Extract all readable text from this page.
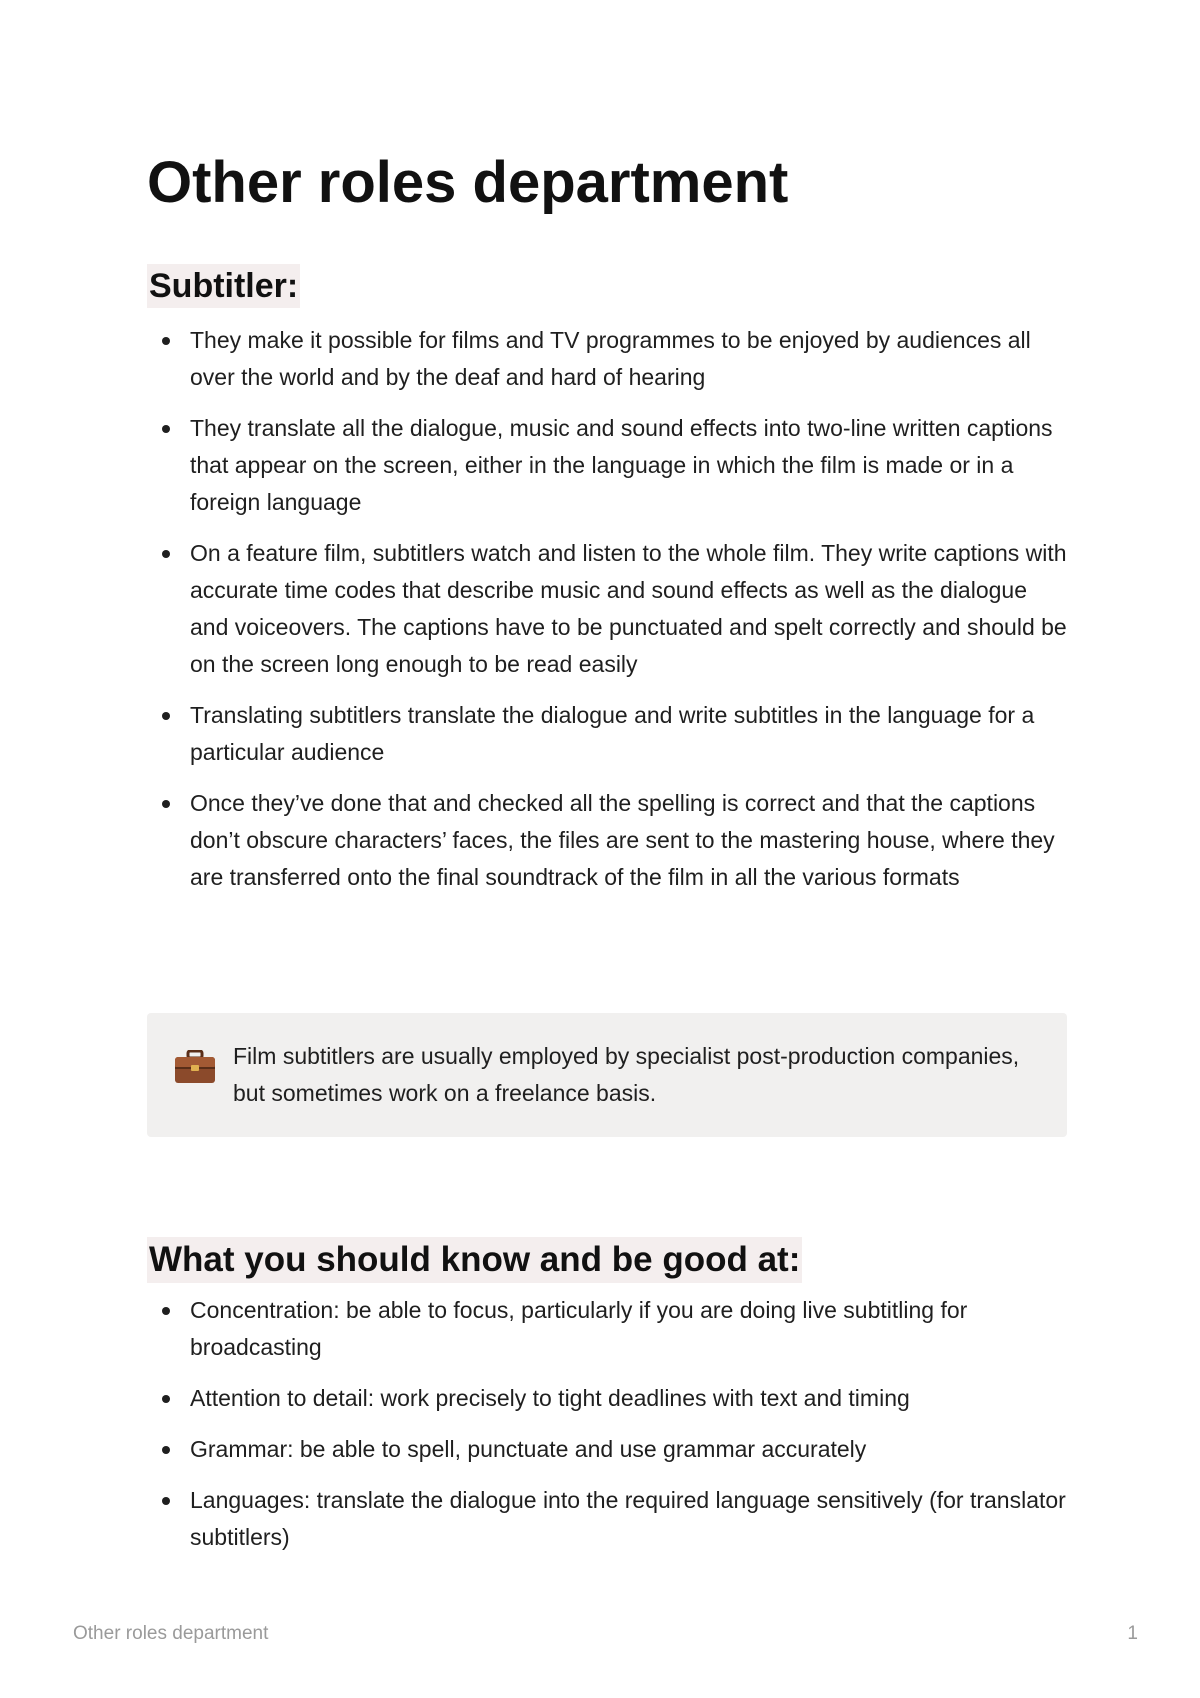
Other roles department
Subtitler:
They make it possible for films and TV programmes to be enjoyed by audiences all over the world and by the deaf and hard of hearing
They translate all the dialogue, music and sound effects into two-line written captions that appear on the screen, either in the language in which the film is made or in a foreign language
On a feature film, subtitlers watch and listen to the whole film. They write captions with accurate time codes that describe music and sound effects as well as the dialogue and voiceovers. The captions have to be punctuated and spelt correctly and should be on the screen long enough to be read easily
Translating subtitlers translate the dialogue and write subtitles in the language for a particular audience
Once they’ve done that and checked all the spelling is correct and that the captions don’t obscure characters’ faces, the files are sent to the mastering house, where they are transferred onto the final soundtrack of the film in all the various formats

Film subtitlers are usually employed by specialist post-production companies, but sometimes work on a freelance basis.

What you should know and be good at:
Concentration: be able to focus, particularly if you are doing live subtitling for broadcasting
Attention to detail: work precisely to tight deadlines with text and timing
Grammar: be able to spell, punctuate and use grammar accurately
Languages: translate the dialogue into the required language sensitively (for translator subtitlers)
Other roles department	1
